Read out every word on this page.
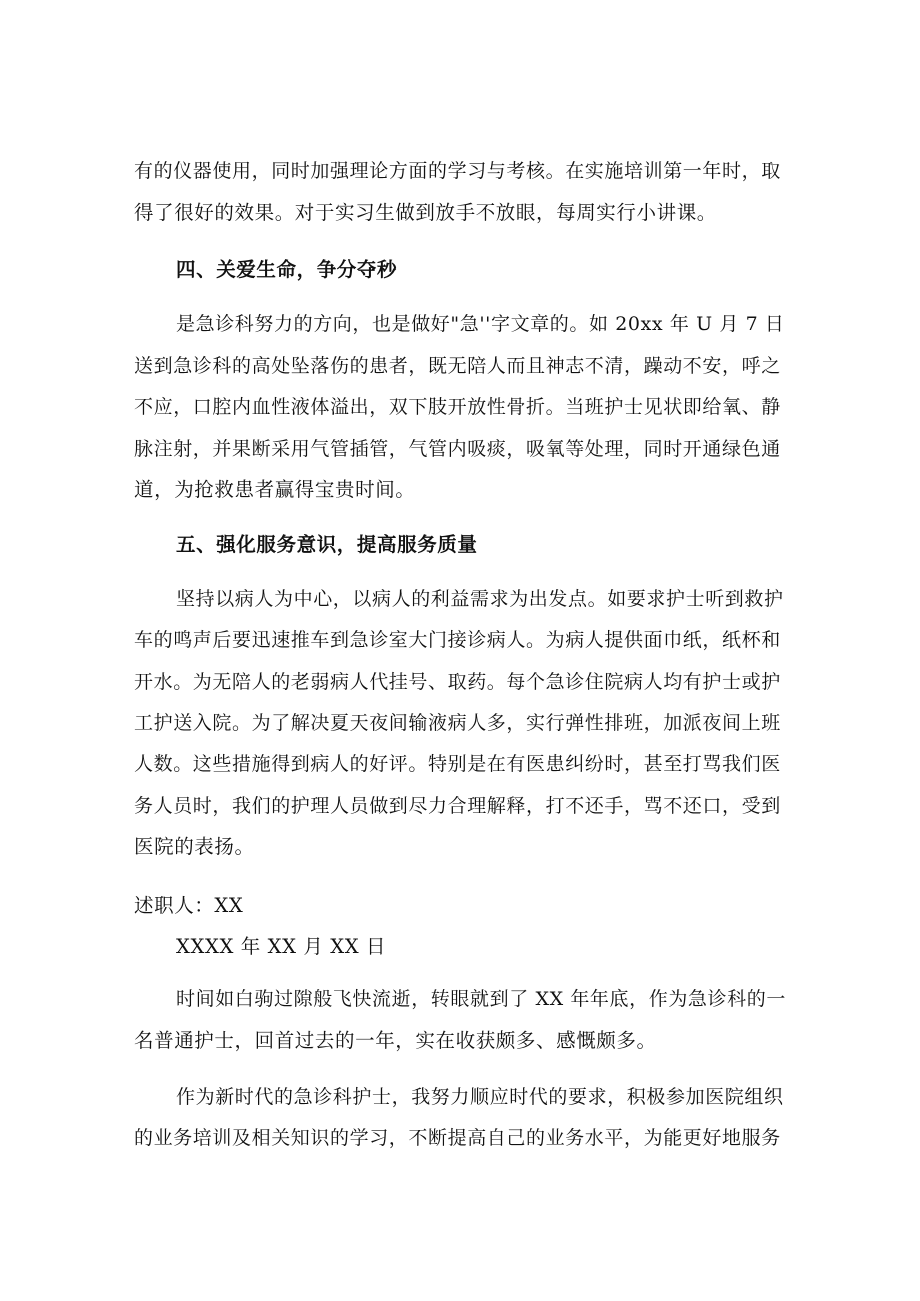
有的仪器使用，同时加强理论方面的学习与考核。在实施培训第一年时，取
得了很好的效果。对于实习生做到放手不放眼，每周实行小讲课。
四、关爱生命，争分夺秒
是急诊科努力的方向，也是做好"急''字文章的。如 20xx 年 U 月 7 日
送到急诊科的高处坠落伤的患者，既无陪人而且神志不清，躁动不安，呼之
不应，口腔内血性液体溢出，双下肢开放性骨折。当班护士见状即给氧、静
脉注射，并果断采用气管插管，气管内吸痰，吸氧等处理，同时开通绿色通
道，为抢救患者赢得宝贵时间。
五、强化服务意识，提高服务质量
坚持以病人为中心，以病人的利益需求为出发点。如要求护士听到救护
车的鸣声后要迅速推车到急诊室大门接诊病人。为病人提供面巾纸，纸杯和
开水。为无陪人的老弱病人代挂号、取药。每个急诊住院病人均有护士或护
工护送入院。为了解决夏天夜间输液病人多，实行弹性排班，加派夜间上班
人数。这些措施得到病人的好评。特别是在有医患纠纷时，甚至打骂我们医
务人员时，我们的护理人员做到尽力合理解释，打不还手，骂不还口，受到
医院的表扬。
述职人：XX
XXXX 年 XX 月 XX 日
时间如白驹过隙般飞快流逝，转眼就到了 XX 年年底，作为急诊科的一
名普通护士，回首过去的一年，实在收获颇多、感慨颇多。
作为新时代的急诊科护士，我努力顺应时代的要求，积极参加医院组织
的业务培训及相关知识的学习，不断提高自己的业务水平，为能更好地服务
